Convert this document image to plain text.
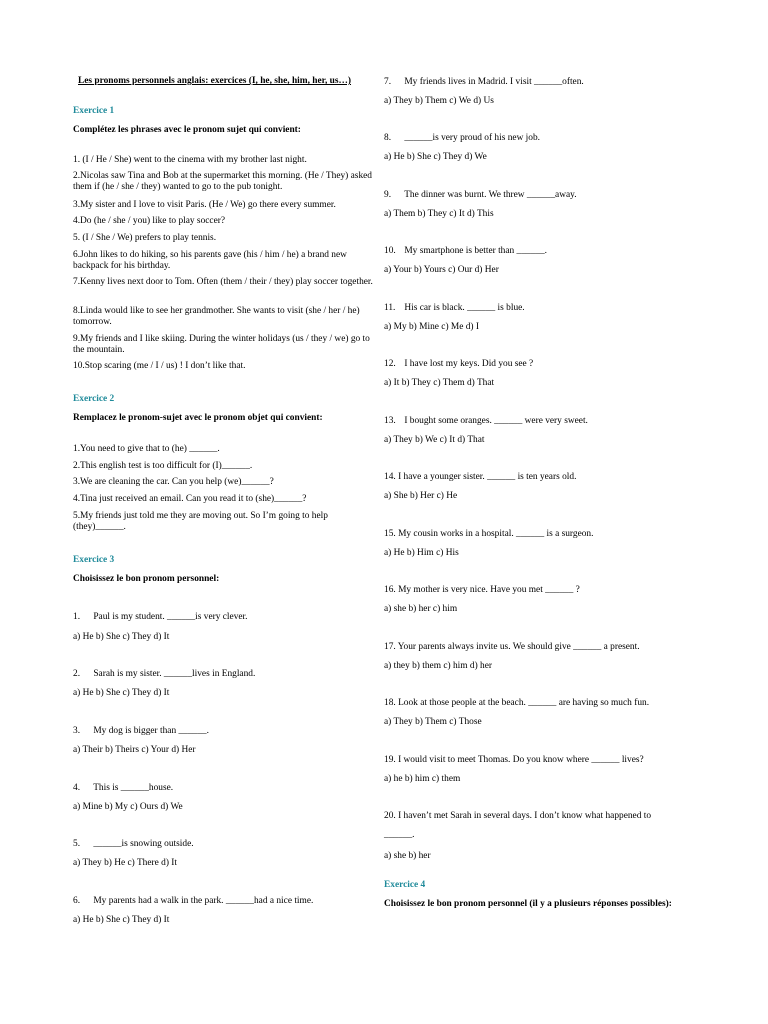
Les pronoms personnels anglais: exercices (I, he, she, him, her, us…)
Exercice 1
Complétez les phrases avec le pronom sujet qui convient:
1. (I / He / She) went to the cinema with my brother last night.
2.Nicolas saw Tina and Bob at the supermarket this morning. (He / They) asked them if (he / she / they) wanted to go to the pub tonight.
3.My sister and I love to visit Paris. (He / We) go there every summer.
4.Do (he / she / you) like to play soccer?
5. (I / She / We) prefers to play tennis.
6.John likes to do hiking, so his parents gave (his / him / he) a brand new backpack for his birthday.
7.Kenny lives next door to Tom. Often (them / their / they) play soccer together.
8.Linda would like to see her grandmother. She wants to visit (she / her / he) tomorrow.
9.My friends and I like skiing. During the winter holidays (us / they / we) go to the mountain.
10.Stop scaring (me / I / us) ! I don’t like that.
Exercice 2
Remplacez le pronom-sujet avec le pronom objet qui convient:
1.You need to give that to (he) ______.
2.This english test is too difficult for (I)______.
3.We are cleaning the car. Can you help (we)______?
4.Tina just received an email. Can you read it to (she)______?
5.My friends just told me they are moving out. So I’m going to help (they)______.
Exercice 3
Choisissez le bon pronom personnel:
1. Paul is my student. ______is very clever.
a) He b) She c) They d) It
2. Sarah is my sister. ______lives in England.
a) He b) She c) They d) It
3. My dog is bigger than ______.
a) Their b) Theirs c) Your d) Her
4. This is ______house.
a) Mine b) My c) Ours d) We
5. ______is snowing outside.
a) They b) He c) There d) It
6. My parents had a walk in the park. ______had a nice time.
a) He b) She c) They d) It
7. My friends lives in Madrid. I visit ______often.
a) They b) Them c) We d) Us
8. ______is very proud of his new job.
a) He b) She c) They d) We
9. The dinner was burnt. We threw ______away.
a) Them b) They c) It d) This
10. My smartphone is better than ______.
a) Your b) Yours c) Our d) Her
11. His car is black. ______ is blue.
a) My b) Mine c) Me d) I
12. I have lost my keys. Did you see ?
a) It b) They c) Them d) That
13. I bought some oranges. ______ were very sweet.
a) They b) We c) It d) That
14. I have a younger sister. ______ is ten years old.
a) She b) Her c) He
15. My cousin works in a hospital. ______ is a surgeon.
a) He b) Him c) His
16. My mother is very nice. Have you met ______ ?
a) she b) her c) him
17. Your parents always invite us. We should give ______ a present.
a) they b) them c) him d) her
18. Look at those people at the beach. ______ are having so much fun.
a) They b) Them c) Those
19. I would visit to meet Thomas. Do you know where ______ lives?
a) he b) him c) them
20. I haven’t met Sarah in several days. I don’t know what happened to ______.
a) she b) her
Exercice 4
Choisissez le bon pronom personnel (il y a plusieurs réponses possibles):
